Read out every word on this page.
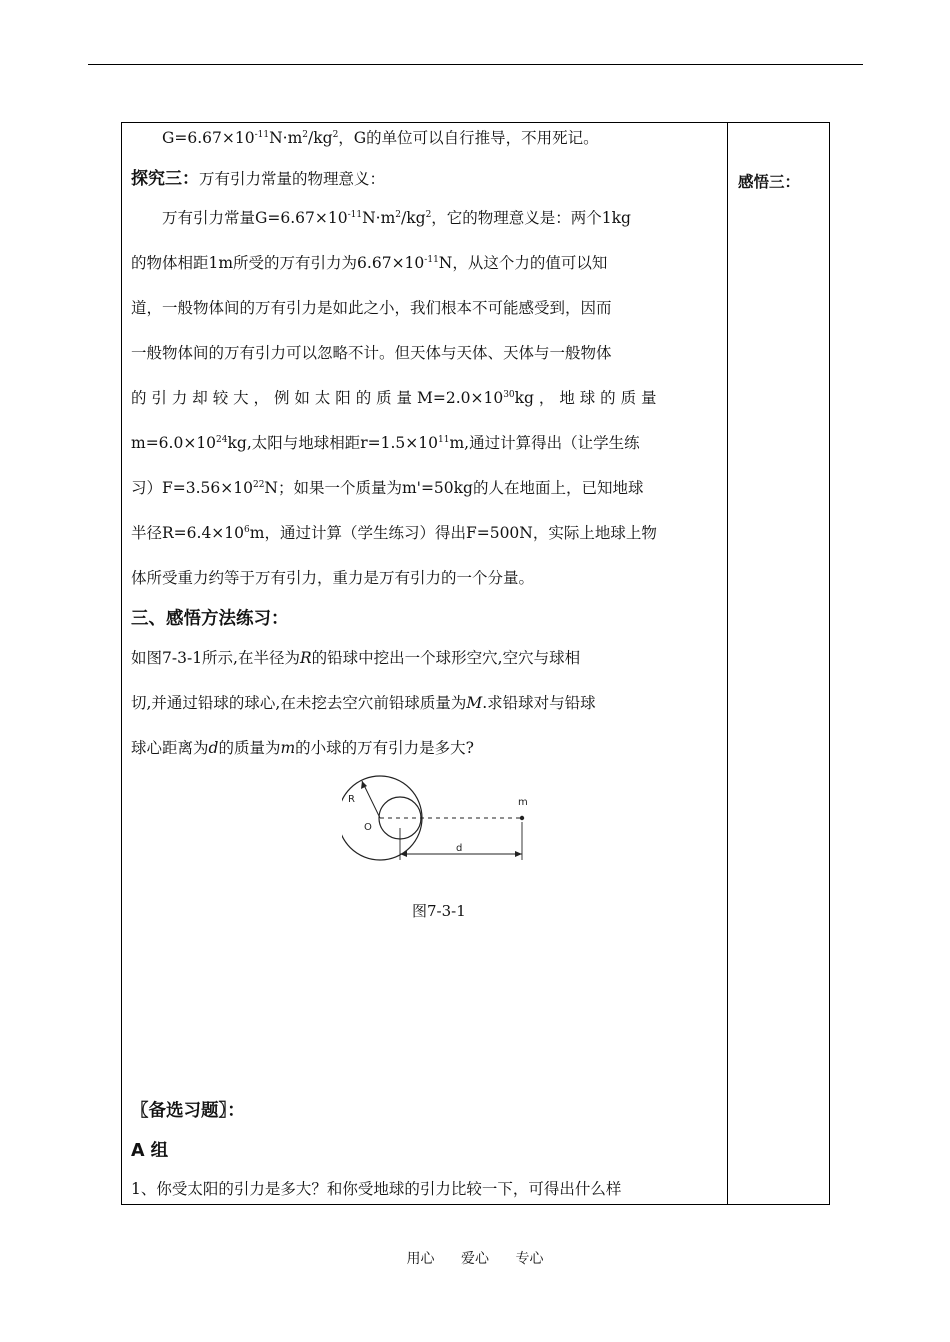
感悟三：

$G=6.67\times 10^{-11}N\cdot m^2/kg^2$，G的单位可以自行推导，不用死记。

探究三：万有引力常量的物理意义：

万有引力常量$G=6.67\times 10^{-11}N\cdot m^2/kg^2$，它的物理意义是：两个1kg

的物体相距1m所受的万有引力为$6.67\times 10^{-11}N$，从这个力的值可以知

道，一般物体间的万有引力是如此之小，我们根本不可能感受到，因而

一般物体间的万有引力可以忽略不计。但天体与天体、天体与一般物体

的 引 力 却 较 大 ， 例 如 太 阳 的 质 量 $M=2.0\times 10^{30}kg$ ， 地 球 的 质 量

$m=6.0\times 10^{24}kg$,太阳与地球相距$r=1.5\times 10^{11}m$,通过计算得出（让学生练

习）$F=3.56\times 10^{22}N$；如果一个质量为m'=50kg的人在地面上，已知地球

半径$R=6.4\times 10^6m$，通过计算（学生练习）得出F=500N，实际上地球上物

体所受重力约等于万有引力，重力是万有引力的一个分量。

三、感悟方法练习：

如图7-3-1所示,在半径为R的铅球中挖出一个球形空穴,空穴与球相

切,并通过铅球的球心,在未挖去空穴前铅球质量为M.求铅球对与铅球

球心距离为d的质量为m的小球的万有引力是多大?

R
O
m
d
图7-3-1

〖备选习题〗：

A 组

1、你受太阳的引力是多大？和你受地球的引力比较一下，可得出什么样

用心 爱心 专心
